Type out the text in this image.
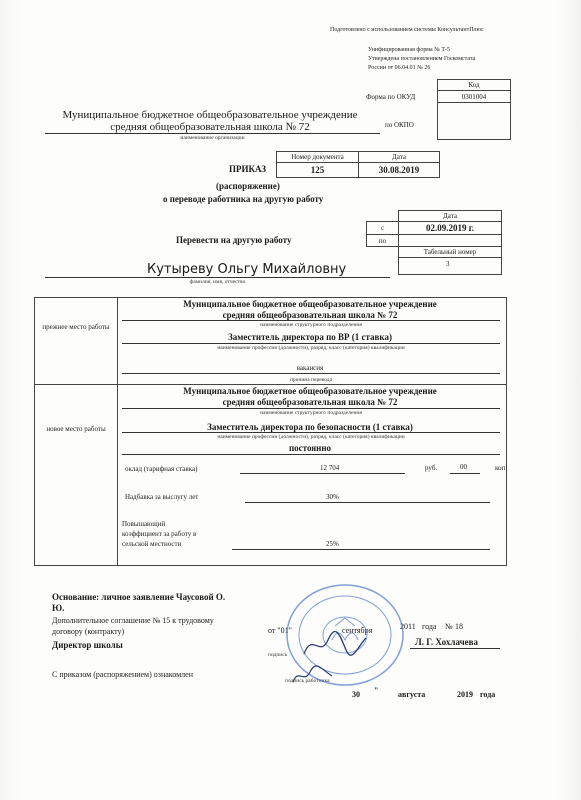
Подготовлено с использованием системы КонсультантПлюс
Унифицированная форма № Т-5
Утверждена постановлением Госкомстата
России от 06.04.01 № 26
Код
0301004
Форма по ОКУД
по ОКПО
Муниципальное бюджетное общеобразовательное учреждение
средняя общеобразовательная школа № 72
наименование организации
ПРИКАЗ
Номер документа	Дата
125	30.08.2019
(распоряжение)
о переводе работника на другую работу
Перевести на другую работу
Дата
с	02.09.2019 г.
по
Табельный номер
3
Кутыреву Ольгу Михайловну
фамилия, имя, отчество
прежнее место работы
Муниципальное бюджетное общеобразовательное учреждение
средняя общеобразовательная школа № 72
наименование структурного подразделения
Заместитель директора по ВР (1 ставка)
наименование профессии (должности), разряд, класс (категория) квалификации
вакансия
причина перевода
новое место работы
Муниципальное бюджетное общеобразовательное учреждение
средняя общеобразовательная школа № 72
наименование структурного подразделения
Заместитель директора по безопасности (1 ставка)
наименование профессии (должности), разряд, класс (категория) квалификации
постоянно
оклад (тарифная ставка)	12 704	руб.	00	коп
Надбавка за выслугу лет	30%
Повышающий
коэффициент за работу в
сельской местности	25%
Основание: личное заявление Чаусовой О.
Ю.
Дополнительное соглашение № 15 к трудовому
договору (контракту)	от "01"	сентября	2011 года № 18
Директор школы
подпись
Л. Г. Хохлачева
С приказом (распоряжением) ознакомлен
подпись работника
30 " августа	2019 года
